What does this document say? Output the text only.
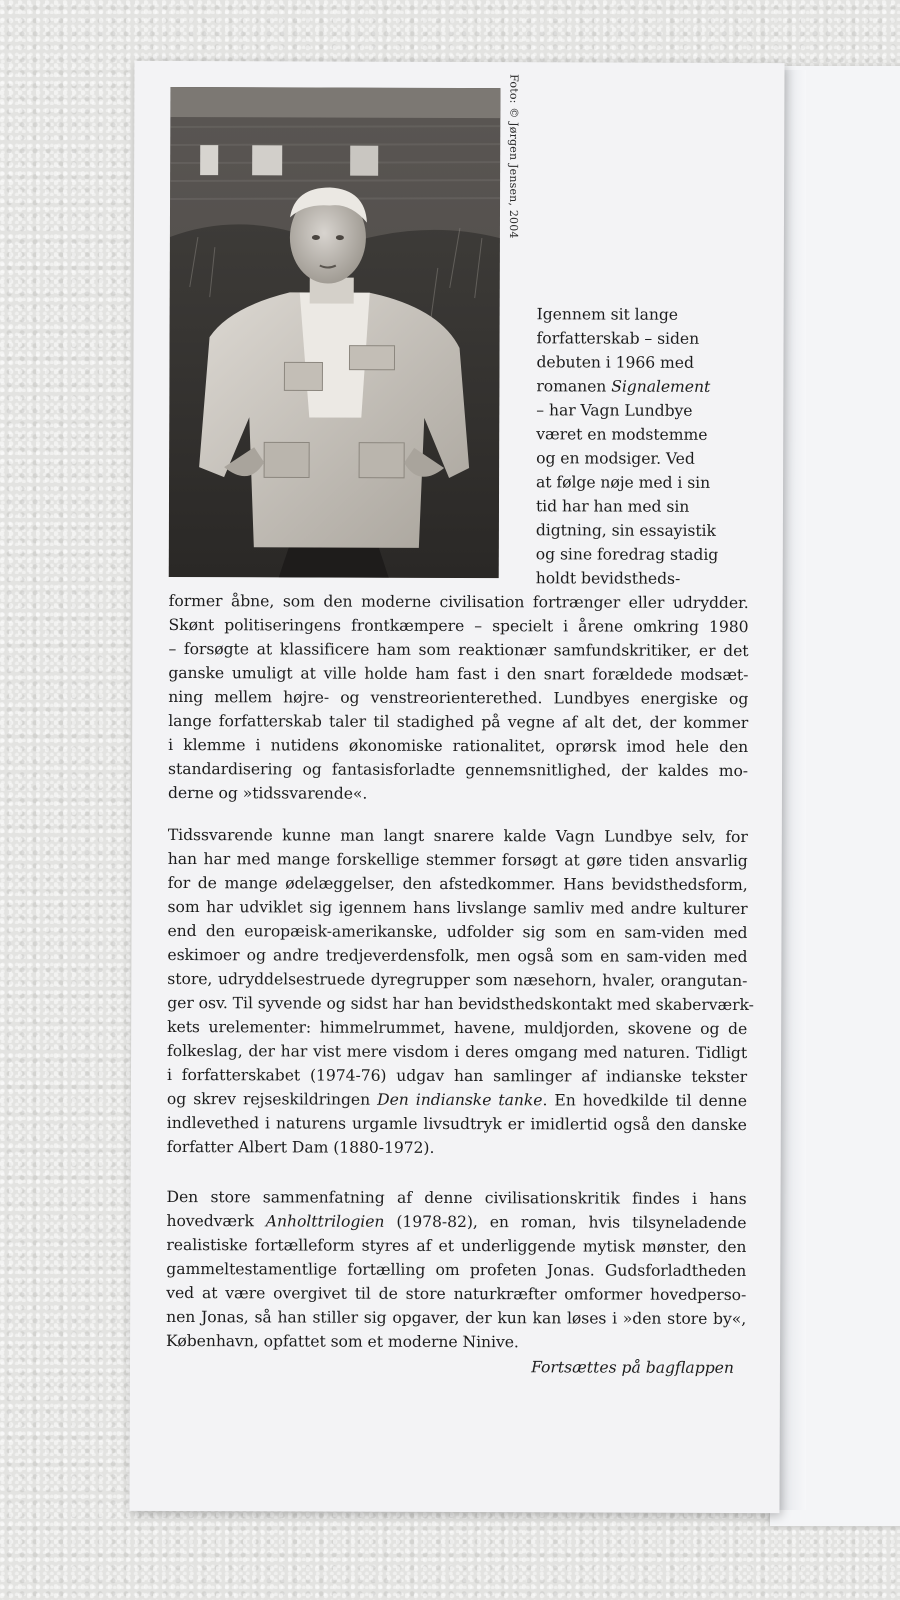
Foto: © Jørgen Jensen, 2004
Igennem sit lange
forfatterskab – siden
debuten i 1966 med
romanen Signalement
– har Vagn Lundbye
været en modstemme
og en modsiger. Ved
at følge nøje med i sin
tid har han med sin
digtning, sin essayistik
og sine foredrag stadig
holdt bevidstheds-
former åbne, som den moderne civilisation fortrænger eller udrydder.
Skønt politiseringens frontkæmpere – specielt i årene omkring 1980
– forsøgte at klassificere ham som reaktionær samfundskritiker, er det
ganske umuligt at ville holde ham fast i den snart forældede modsæt-
ning mellem højre- og venstreorienterethed. Lundbyes energiske og
lange forfatterskab taler til stadighed på vegne af alt det, der kommer
i klemme i nutidens økonomiske rationalitet, oprørsk imod hele den
standardisering og fantasisforladte gennemsnitlighed, der kaldes mo-
derne og »tidssvarende«.
Tidssvarende kunne man langt snarere kalde Vagn Lundbye selv, for
han har med mange forskellige stemmer forsøgt at gøre tiden ansvarlig
for de mange ødelæggelser, den afstedkommer. Hans bevidsthedsform,
som har udviklet sig igennem hans livslange samliv med andre kulturer
end den europæisk-amerikanske, udfolder sig som en sam-viden med
eskimoer og andre tredjeverdensfolk, men også som en sam-viden med
store, udryddelsestruede dyregrupper som næsehorn, hvaler, orangutan-
ger osv. Til syvende og sidst har han bevidsthedskontakt med skaberværk-
kets urelementer: himmelrummet, havene, muldjorden, skovene og de
folkeslag, der har vist mere visdom i deres omgang med naturen. Tidligt
i forfatterskabet (1974-76) udgav han samlinger af indianske tekster
og skrev rejseskildringen Den indianske tanke. En hovedkilde til denne
indlevethed i naturens urgamle livsudtryk er imidlertid også den danske
forfatter Albert Dam (1880-1972).
Den store sammenfatning af denne civilisationskritik findes i hans
hovedværk Anholttrilogien (1978-82), en roman, hvis tilsyneladende
realistiske fortælleform styres af et underliggende mytisk mønster, den
gammeltestamentlige fortælling om profeten Jonas. Gudsforladtheden
ved at være overgivet til de store naturkræfter omformer hovedperso-
nen Jonas, så han stiller sig opgaver, der kun kan løses i »den store by«,
København, opfattet som et moderne Ninive.
Fortsættes på bagflappen
